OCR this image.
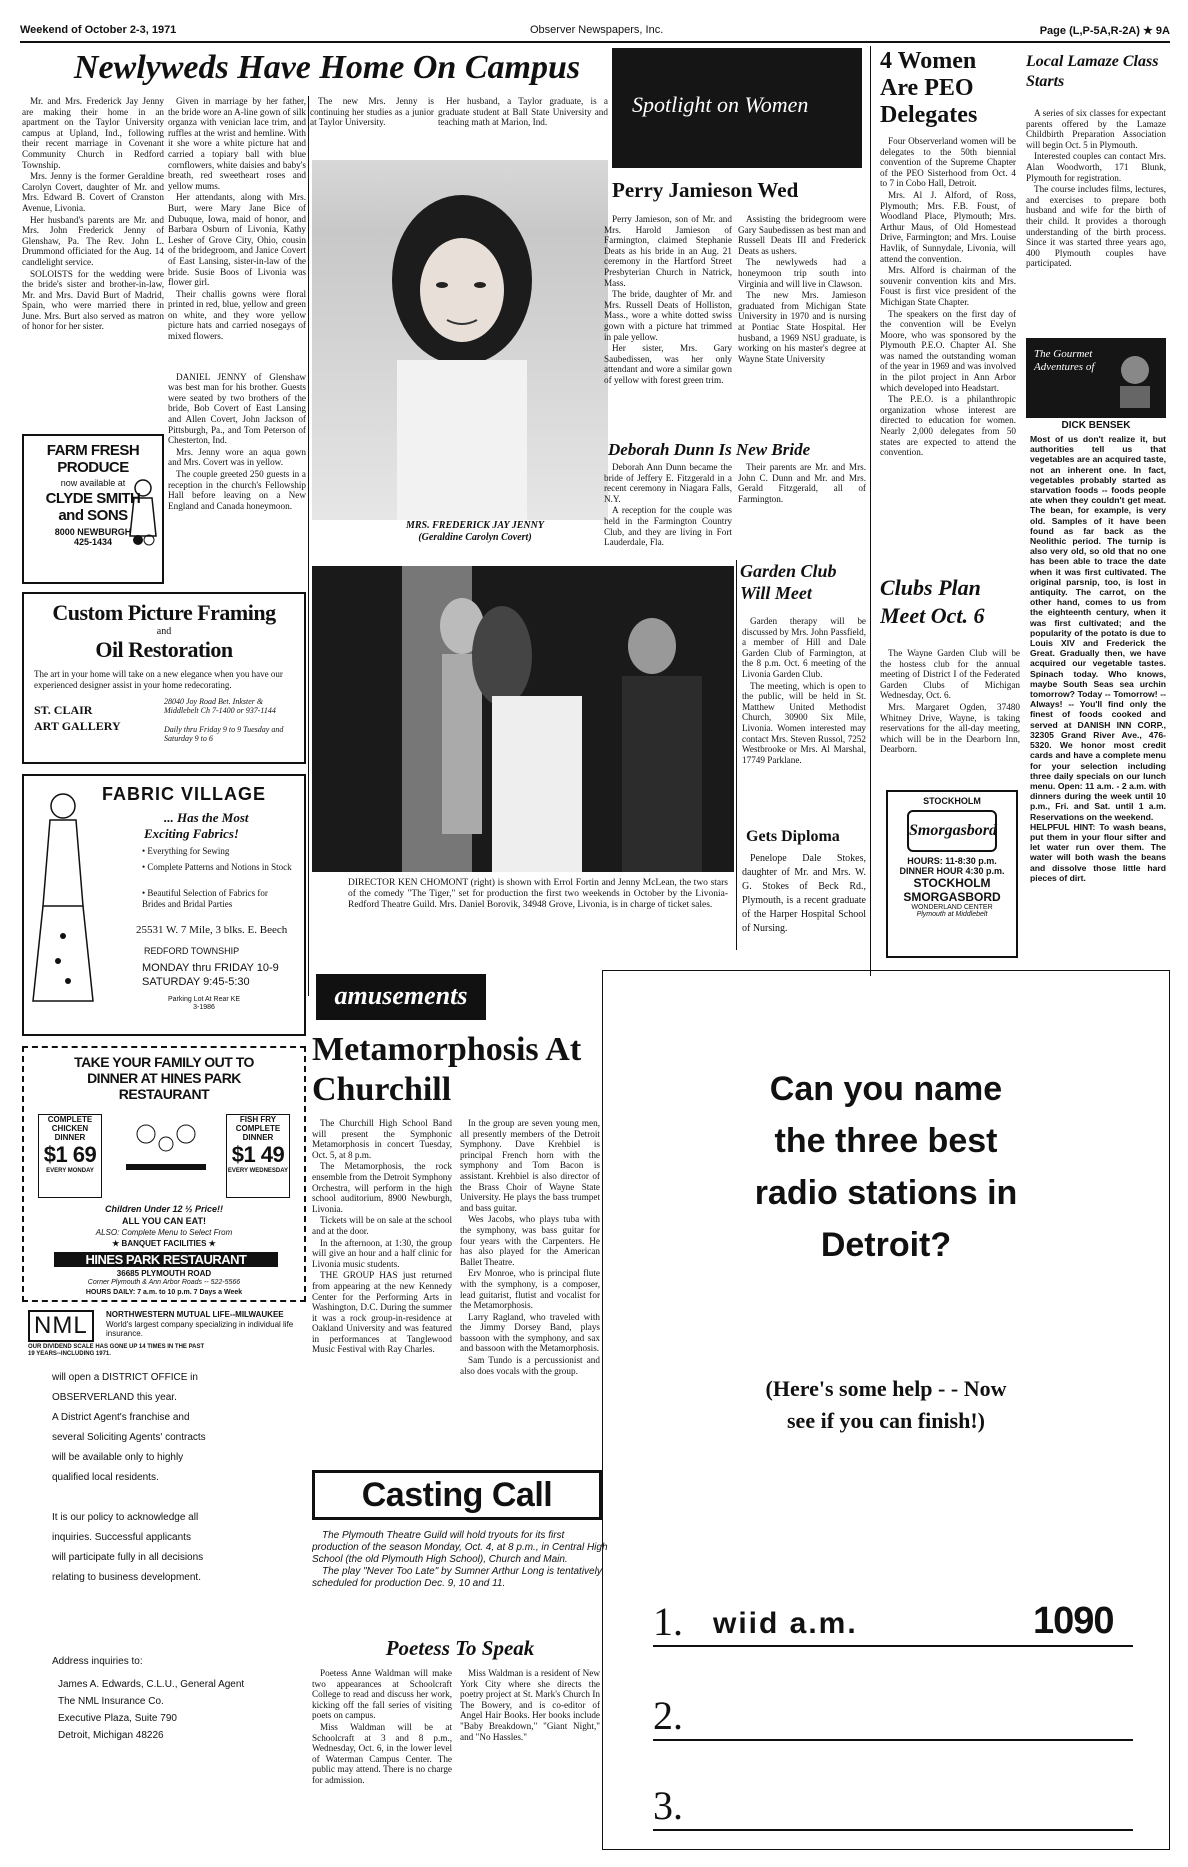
Weekend of October 2-3, 1971	Observer Newspapers, Inc.	Page (L,P-5A,R-2A) ★ 9A
Newlyweds Have Home On Campus

Mr. and Mrs. Frederick Jay Jenny are making their home in an apartment on the Taylor University campus at Upland, Ind., following their recent marriage in Covenant Community Church in Redford Township.

Mrs. Jenny is the former Geraldine Carolyn Covert, daughter of Mr. and Mrs. Edward B. Covert of Cranston Avenue, Livonia.

Her husband's parents are Mr. and Mrs. John Frederick Jenny of Glenshaw, Pa. The Rev. John L. Drummond officiated for the Aug. 14 candlelight service.

SOLOISTS for the wedding were the bride's sister and brother-in-law, Mr. and Mrs. David Burt of Madrid, Spain, who were married there in June. Mrs. Burt also served as matron of honor for her sister.

Given in marriage by her father, the bride wore an A-line gown of silk organza with venician lace trim, and ruffles at the wrist and hemline. With it she wore a white picture hat and carried a topiary ball with blue cornflowers, white daisies and baby's breath, red sweetheart roses and yellow mums.

Her attendants, along with Mrs. Burt, were Mary Jane Bice of Dubuque, Iowa, maid of honor, and Barbara Osburn of Livonia, Kathy Lesher of Grove City, Ohio, cousin of the bridegroom, and Janice Covert of East Lansing, sister-in-law of the bride. Susie Boos of Livonia was flower girl.

Their challis gowns were floral printed in red, blue, yellow and green on white, and they wore yellow picture hats and carried nosegays of mixed flowers.

DANIEL JENNY of Glenshaw was best man for his brother. Guests were seated by two brothers of the bride, Bob Covert of East Lansing and Allen Covert, John Jackson of Pittsburgh, Pa., and Tom Peterson of Chesterton, Ind.

Mrs. Jenny wore an aqua gown and Mrs. Covert was in yellow.

The couple greeted 250 guests in a reception in the church's Fellowship Hall before leaving on a New England and Canada honeymoon.

The new Mrs. Jenny is continuing her studies as a junior at Taylor University.

Her husband, a Taylor graduate, is a graduate student at Ball State University and teaching math at Marion, Ind.

MRS. FREDERICK JAY JENNY
(Geraldine Carolyn Covert)
FARM FRESH
PRODUCE
now available at
CLYDE SMITH
and SONS
8000 NEWBURGH
425-1434
Custom Picture Framing
and
Oil Restoration
The art in your home will take on a new elegance when you have our experienced designer assist in your home redecorating.
ST. CLAIR
ART GALLERY
28040 Joy Road Bet. Inkster & Middlebelt Ch 7-1400 or 937-1144
Daily thru Friday 9 to 9 Tuesday and Saturday 9 to 6
FABRIC VILLAGE
... Has the Most
Exciting Fabrics!
• Everything for Sewing
• Complete Patterns and Notions in Stock
• Beautiful Selection of Fabrics for Brides and Bridal Parties
25531 W. 7 Mile, 3 blks. E. Beech
REDFORD TOWNSHIP
MONDAY thru FRIDAY 10-9
SATURDAY 9:45-5:30
Parking Lot At Rear KE 3-1986
TAKE YOUR FAMILY OUT TO
DINNER AT HINES PARK
RESTAURANT
COMPLETE CHICKEN DINNER
$1 69
EVERY MONDAY
FISH FRY COMPLETE DINNER
$1 49
EVERY WEDNESDAY
Children Under 12 ½ Price!!
ALL YOU CAN EAT!
ALSO: Complete Menu to Select From
★ BANQUET FACILITIES ★
HINES PARK RESTAURANT
36685 PLYMOUTH ROAD
Corner Plymouth & Ann Arbor Roads -- 522-5566
HOURS DAILY: 7 a.m. to 10 p.m. 7 Days a Week
NML	NORTHWESTERN MUTUAL LIFE--MILWAUKEE
World's largest company specializing in individual life insurance.
OUR DIVIDEND SCALE HAS GONE UP 14 TIMES IN THE PAST 19 YEARS--INCLUDING 1971.
will open a DISTRICT OFFICE in
OBSERVERLAND this year.
A District Agent's franchise and
several Soliciting Agents' contracts
will be available only to highly
qualified local residents.
It is our policy to acknowledge all
inquiries. Successful applicants
will participate fully in all decisions
relating to business development.
Address inquiries to:
James A. Edwards, C.L.U., General Agent
The NML Insurance Co.
Executive Plaza, Suite 790
Detroit, Michigan 48226
Spotlight on Women
Perry Jamieson Wed

Perry Jamieson, son of Mr. and Mrs. Harold Jamieson of Farmington, claimed Stephanie Deats as his bride in an Aug. 21 ceremony in the Hartford Street Presbyterian Church in Natrick, Mass.

The bride, daughter of Mr. and Mrs. Russell Deats of Holliston, Mass., wore a white dotted swiss gown with a picture hat trimmed in pale yellow.

Her sister, Mrs. Gary Saubedissen, was her only attendant and wore a similar gown of yellow with forest green trim.

Assisting the bridegroom were Gary Saubedissen as best man and Russell Deats III and Frederick Deats as ushers.

The newlyweds had a honeymoon trip south into Virginia and will live in Clawson.

The new Mrs. Jamieson graduated from Michigan State University in 1970 and is nursing at Pontiac State Hospital. Her husband, a 1969 NSU graduate, is working on his master's degree at Wayne State University

Deborah Dunn Is New Bride

Deborah Ann Dunn became the bride of Jeffery E. Fitzgerald in a recent ceremony in Niagara Falls, N.Y.

A reception for the couple was held in the Farmington Country Club, and they are living in Fort Lauderdale, Fla.

Their parents are Mr. and Mrs. John C. Dunn and Mr. and Mrs. Gerald Fitzgerald, all of Farmington.

4 Women Are PEO Delegates

Four Observerland women will be delegates to the 50th biennial convention of the Supreme Chapter of the PEO Sisterhood from Oct. 4 to 7 in Cobo Hall, Detroit.

Mrs. Al J. Alford, of Ross, Plymouth; Mrs. F.B. Foust, of Woodland Place, Plymouth; Mrs. Arthur Maus, of Old Homestead Drive, Farmington; and Mrs. Louise Havlik, of Sunnydale, Livonia, will attend the convention.

Mrs. Alford is chairman of the souvenir convention kits and Mrs. Foust is first vice president of the Michigan State Chapter.

The speakers on the first day of the convention will be Evelyn Moore, who was sponsored by the Plymouth P.E.O. Chapter AI. She was named the outstanding woman of the year in 1969 and was involved in the pilot project in Ann Arbor which developed into Headstart.

The P.E.O. is a philanthropic organization whose interest are directed to education for women. Nearly 2,000 delegates from 50 states are expected to attend the convention.

Local Lamaze Class Starts

A series of six classes for expectant parents offered by the Lamaze Childbirth Preparation Association will begin Oct. 5 in Plymouth.

Interested couples can contact Mrs. Alan Woodworth, 171 Blunk, Plymouth for registration.

The course includes films, lectures, and exercises to prepare both husband and wife for the birth of their child. It provides a thorough understanding of the birth process. Since it was started three years ago, 400 Plymouth couples have participated.

The Gourmet Adventures of
DICK BENSEK
Most of us don't realize it, but authorities tell us that vegetables are an acquired taste, not an inherent one. In fact, vegetables probably started as starvation foods -- foods people ate when they couldn't get meat. The bean, for example, is very old. Samples of it have been found as far back as the Neolithic period. The turnip is also very old, so old that no one has been able to trace the date when it was first cultivated. The original parsnip, too, is lost in antiquity. The carrot, on the other hand, comes to us from the eighteenth century, when it was first cultivated; and the popularity of the potato is due to Louis XIV and Frederick the Great. Gradually then, we have acquired our vegetable tastes. Spinach today. Who knows, maybe South Seas sea urchin tomorrow? Today -- Tomorrow! -- Always! -- You'll find only the finest of foods cooked and served at DANISH INN CORP., 32305 Grand River Ave., 476-5320. We honor most credit cards and have a complete menu for your selection including three daily specials on our lunch menu. Open: 11 a.m. - 2 a.m. with dinners during the week until 10 p.m., Fri. and Sat. until 1 a.m. Reservations on the weekend.
HELPFUL HINT: To wash beans, put them in your flour sifter and let water run over them. The water will both wash the beans and dissolve those little hard pieces of dirt.
DIRECTOR KEN CHOMONT (right) is shown with Errol Fortin and Jenny McLean, the two stars of the comedy "The Tiger," set for production the first two weekends in October by the Livonia-Redford Theatre Guild. Mrs. Daniel Borovik, 34948 Grove, Livonia, is in charge of ticket sales.
Garden Club Will Meet

Garden therapy will be discussed by Mrs. John Passfield, a member of Hill and Dale Garden Club of Farmington, at the 8 p.m. Oct. 6 meeting of the Livonia Garden Club.

The meeting, which is open to the public, will be held in St. Matthew United Methodist Church, 30900 Six Mile, Livonia. Women interested may contact Mrs. Steven Russol, 7252 Westbrooke or Mrs. Al Marshal, 17749 Parklane.

Gets Diploma

Penelope Dale Stokes, daughter of Mr. and Mrs. W. G. Stokes of Beck Rd., Plymouth, is a recent graduate of the Harper Hospital School of Nursing.

Clubs Plan Meet Oct. 6

The Wayne Garden Club will be the hostess club for the annual meeting of District I of the Federated Garden Clubs of Michigan Wednesday, Oct. 6.

Mrs. Margaret Ogden, 37480 Whitney Drive, Wayne, is taking reservations for the all-day meeting, which will be in the Dearborn Inn, Dearborn.

STOCKHOLM
Smorgasbord
HOURS: 11-8:30 p.m.
DINNER HOUR 4:30 p.m.
STOCKHOLM
SMORGASBORD
WONDERLAND CENTER
Plymouth at Middlebelt
amusements
Metamorphosis At Churchill

The Churchill High School Band will present the Symphonic Metamorphosis in concert Tuesday, Oct. 5, at 8 p.m.

The Metamorphosis, the rock ensemble from the Detroit Symphony Orchestra, will perform in the high school auditorium, 8900 Newburgh, Livonia.

Tickets will be on sale at the school and at the door.

In the afternoon, at 1:30, the group will give an hour and a half clinic for Livonia music students.

THE GROUP HAS just returned from appearing at the new Kennedy Center for the Performing Arts in Washington, D.C. During the summer it was a rock group-in-residence at Oakland University and was featured in performances at Tanglewood Music Festival with Ray Charles.

In the group are seven young men, all presently members of the Detroit Symphony. Dave Krehbiel is principal French horn with the symphony and Tom Bacon is assistant. Krehbiel is also director of the Brass Choir of Wayne State University. He plays the bass trumpet and bass guitar.

Wes Jacobs, who plays tuba with the symphony, was bass guitar for four years with the Carpenters. He has also played for the American Ballet Theatre.

Erv Monroe, who is principal flute with the symphony, is a composer, lead guitarist, flutist and vocalist for the Metamorphosis.

Larry Ragland, who traveled with the Jimmy Dorsey Band, plays bassoon with the symphony, and sax and bassoon with the Metamorphosis.

Sam Tundo is a percussionist and also does vocals with the group.

Casting Call

The Plymouth Theatre Guild will hold tryouts for its first production of the season Monday, Oct. 4, at 8 p.m., in Central High School (the old Plymouth High School), Church and Main.

The play "Never Too Late" by Sumner Arthur Long is tentatively scheduled for production Dec. 9, 10 and 11.

Poetess To Speak

Poetess Anne Waldman will make two appearances at Schoolcraft College to read and discuss her work, kicking off the fall series of visiting poets on campus.

Miss Waldman will be at Schoolcraft at 3 and 8 p.m., Wednesday, Oct. 6, in the lower level of Waterman Campus Center. The public may attend. There is no charge for admission.

Miss Waldman is a resident of New York City where she directs the poetry project at St. Mark's Church In The Bowery, and is co-editor of Angel Hair Books. Her books include "Baby Breakdown," "Giant Night," and "No Hassles."

Can you name
the three best
radio stations in
Detroit?
(Here's some help - - Now
see if you can finish!)
1. wiid a.m.	1090
2.
3.
